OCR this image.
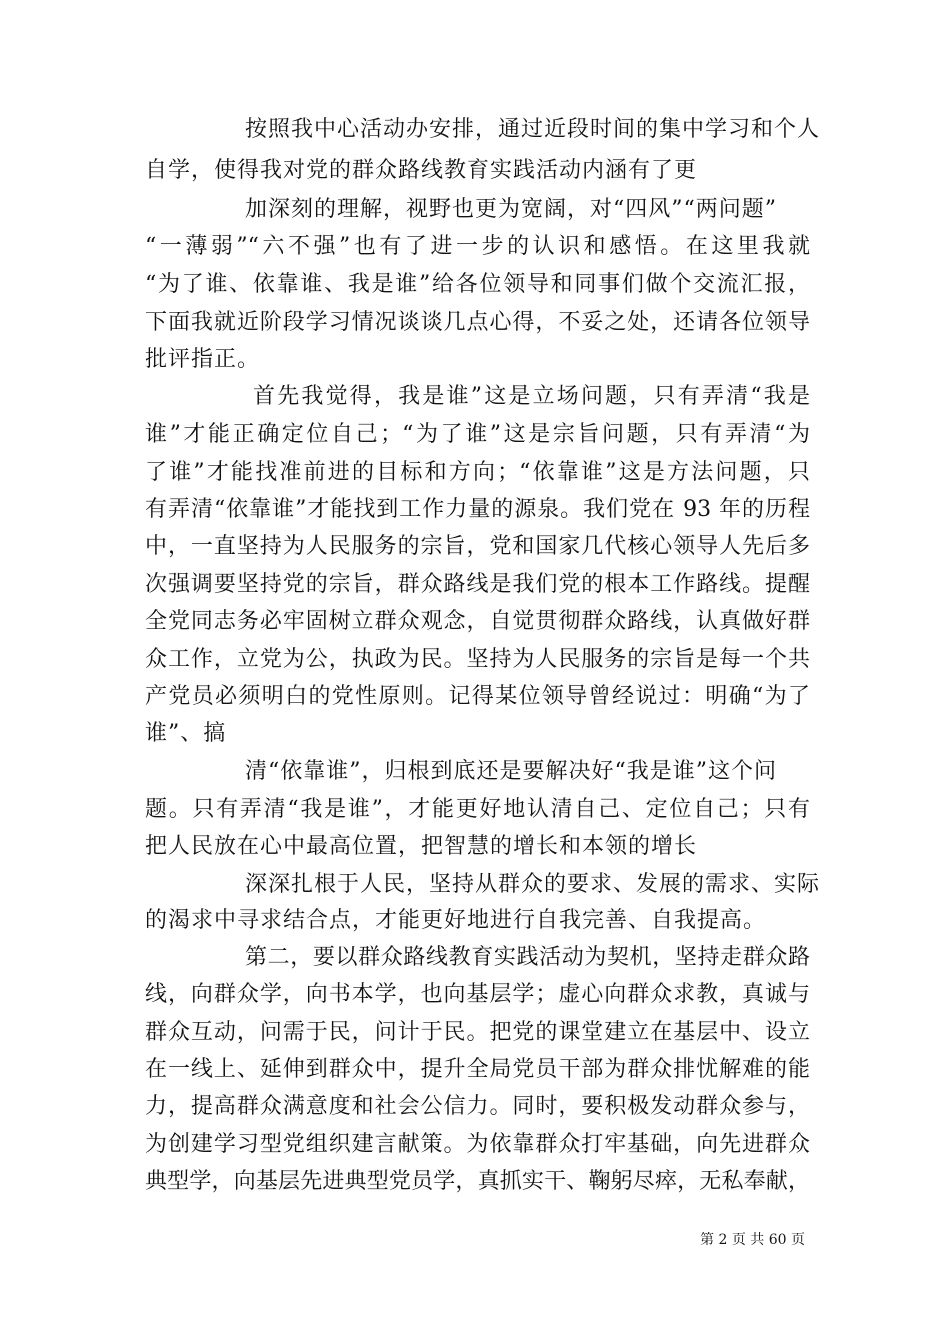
按照我中心活动办安排，通过近段时间的集中学习和个人
自学，使得我对党的群众路线教育实践活动内涵有了更
加深刻的理解，视野也更为宽阔，对“四风”“两问题”
“一薄弱”“六不强”也有了进一步的认识和感悟。在这里我就
“为了谁、依靠谁、我是谁”给各位领导和同事们做个交流汇报，
下面我就近阶段学习情况谈谈几点心得，不妥之处，还请各位领导
批评指正。
首先我觉得，我是谁”这是立场问题，只有弄清“我是
谁”才能正确定位自己；“为了谁”这是宗旨问题，只有弄清“为
了谁”才能找准前进的目标和方向；“依靠谁”这是方法问题，只
有弄清“依靠谁”才能找到工作力量的源泉。我们党在 93 年的历程
中，一直坚持为人民服务的宗旨，党和国家几代核心领导人先后多
次强调要坚持党的宗旨，群众路线是我们党的根本工作路线。提醒
全党同志务必牢固树立群众观念，自觉贯彻群众路线，认真做好群
众工作，立党为公，执政为民。坚持为人民服务的宗旨是每一个共
产党员必须明白的党性原则。记得某位领导曾经说过：明确“为了
谁”、搞
清“依靠谁”，归根到底还是要解决好“我是谁”这个问
题。只有弄清“我是谁”，才能更好地认清自己、定位自己；只有
把人民放在心中最高位置，把智慧的增长和本领的增长
深深扎根于人民，坚持从群众的要求、发展的需求、实际
的渴求中寻求结合点，才能更好地进行自我完善、自我提高。
第二，要以群众路线教育实践活动为契机，坚持走群众路
线，向群众学，向书本学，也向基层学；虚心向群众求教，真诚与
群众互动，问需于民，问计于民。把党的课堂建立在基层中、设立
在一线上、延伸到群众中，提升全局党员干部为群众排忧解难的能
力，提高群众满意度和社会公信力。同时，要积极发动群众参与，
为创建学习型党组织建言献策。为依靠群众打牢基础，向先进群众
典型学，向基层先进典型党员学，真抓实干、鞠躬尽瘁，无私奉献，
第 2 页 共 60 页
